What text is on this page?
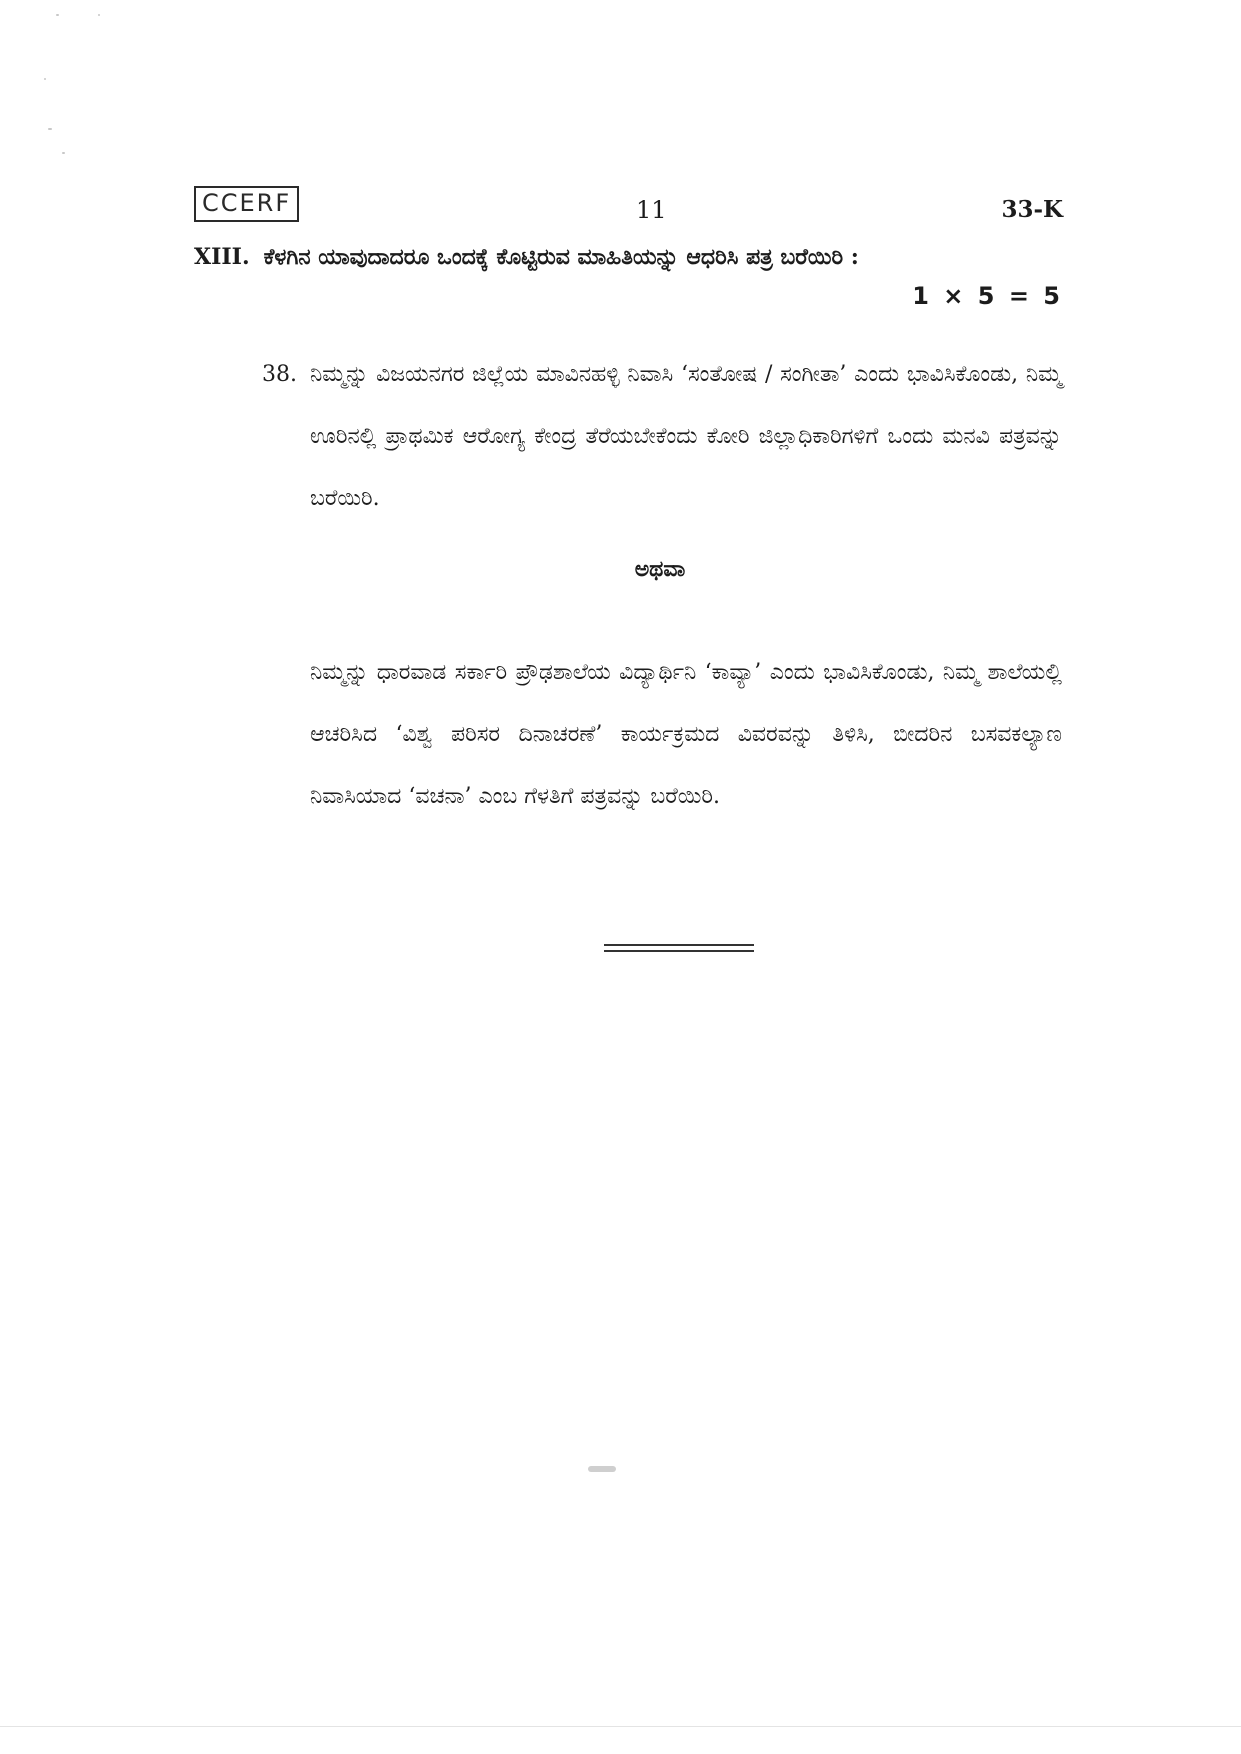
CCERF	11	33-K
XIII. ಕೆಳಗಿನ ಯಾವುದಾದರೂ ಒಂದಕ್ಕೆ ಕೊಟ್ಟಿರುವ ಮಾಹಿತಿಯನ್ನು ಆಧರಿಸಿ ಪತ್ರ ಬರೆಯಿರಿ :
1 × 5 = 5
38. ನಿಮ್ಮನ್ನು ವಿಜಯನಗರ ಜಿಲ್ಲೆಯ ಮಾವಿನಹಳ್ಳಿ ನಿವಾಸಿ ‘ಸಂತೋಷ / ಸಂಗೀತಾ’ ಎಂದು ಭಾವಿಸಿಕೊಂಡು, ನಿಮ್ಮ ಊರಿನಲ್ಲಿ ಪ್ರಾಥಮಿಕ ಆರೋಗ್ಯ ಕೇಂದ್ರ ತೆರೆಯಬೇಕೆಂದು ಕೋರಿ ಜಿಲ್ಲಾಧಿಕಾರಿಗಳಿಗೆ ಒಂದು ಮನವಿ ಪತ್ರವನ್ನು ಬರೆಯಿರಿ.
ಅಥವಾ
ನಿಮ್ಮನ್ನು ಧಾರವಾಡ ಸರ್ಕಾರಿ ಪ್ರೌಢಶಾಲೆಯ ವಿದ್ಯಾರ್ಥಿನಿ ‘ಕಾವ್ಯಾ’ ಎಂದು ಭಾವಿಸಿಕೊಂಡು, ನಿಮ್ಮ ಶಾಲೆಯಲ್ಲಿ ಆಚರಿಸಿದ ‘ವಿಶ್ವ ಪರಿಸರ ದಿನಾಚರಣೆ’ ಕಾರ್ಯಕ್ರಮದ ವಿವರವನ್ನು ತಿಳಿಸಿ, ಬೀದರಿನ ಬಸವಕಲ್ಯಾಣ ನಿವಾಸಿಯಾದ ‘ವಚನಾ’ ಎಂಬ ಗೆಳತಿಗೆ ಪತ್ರವನ್ನು ಬರೆಯಿರಿ.
